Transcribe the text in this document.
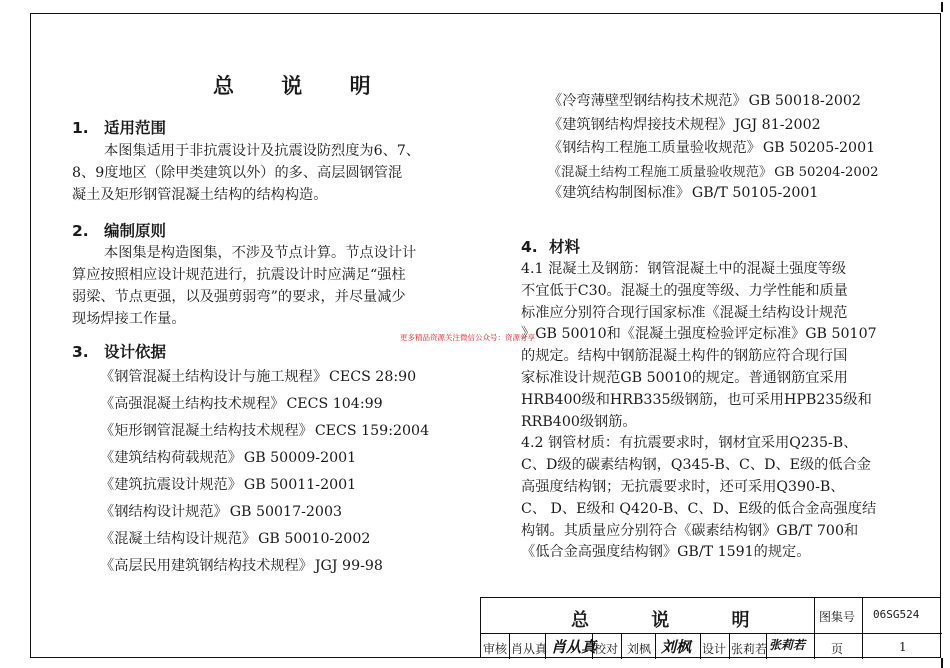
总 说 明
1. 适用范围
本图集适用于非抗震设计及抗震设防烈度为6、7、
8、9度地区（除甲类建筑以外）的多、高层圆钢管混
凝土及矩形钢管混凝土结构的结构构造。
2. 编制原则
本图集是构造图集，不涉及节点计算。节点设计计
算应按照相应设计规范进行，抗震设计时应满足“强柱
弱梁、节点更强，以及强剪弱弯”的要求，并尽量减少
现场焊接工作量。
3. 设计依据
《钢管混凝土结构设计与施工规程》 CECS 28:90
《高强混凝土结构技术规程》 CECS 104:99
《矩形钢管混凝土结构技术规程》 CECS 159:2004
《建筑结构荷载规范》 GB 50009-2001
《建筑抗震设计规范》 GB 50011-2001
《钢结构设计规范》 GB 50017-2003
《混凝土结构设计规范》 GB 50010-2002
《高层民用建筑钢结构技术规程》 JGJ 99-98
《冷弯薄壁型钢结构技术规范》 GB 50018-2002
《建筑钢结构焊接技术规程》 JGJ 81-2002
《钢结构工程施工质量验收规范》 GB 50205-2001
《混凝土结构工程施工质量验收规范》 GB 50204-2002
《建筑结构制图标准》 GB/T 50105-2001
4. 材料
4.1 混凝土及钢筋：钢管混凝土中的混凝土强度等级
不宜低于C30。混凝土的强度等级、力学性能和质量
标准应分别符合现行国家标准《混凝土结构设计规范
》GB 50010和《混凝土强度检验评定标准》GB 50107
的规定。结构中钢筋混凝土构件的钢筋应符合现行国
家标准设计规范GB 50010的规定。普通钢筋宜采用
HRB400级和HRB335级钢筋，也可采用HPB235级和
RRB400级钢筋。
4.2 钢管材质：有抗震要求时，钢材宜采用Q235-B、
C、D级的碳素结构钢，Q345-B、C、D、E级的低合金
高强度结构钢；无抗震要求时，还可采用Q390-B、
C、 D、E级和 Q420-B、C、D、E级的低合金高强度结
构钢。其质量应分别符合《碳素结构钢》GB/T 700和
《低合金高强度结构钢》GB/T 1591的规定。
更多精品资源关注微信公众号：资源分享
总 说 明	图集号 06SG524
审核 肖从真 肖从真
校对 刘枫 刘枫 设计 张莉若 张莉若 页	1
